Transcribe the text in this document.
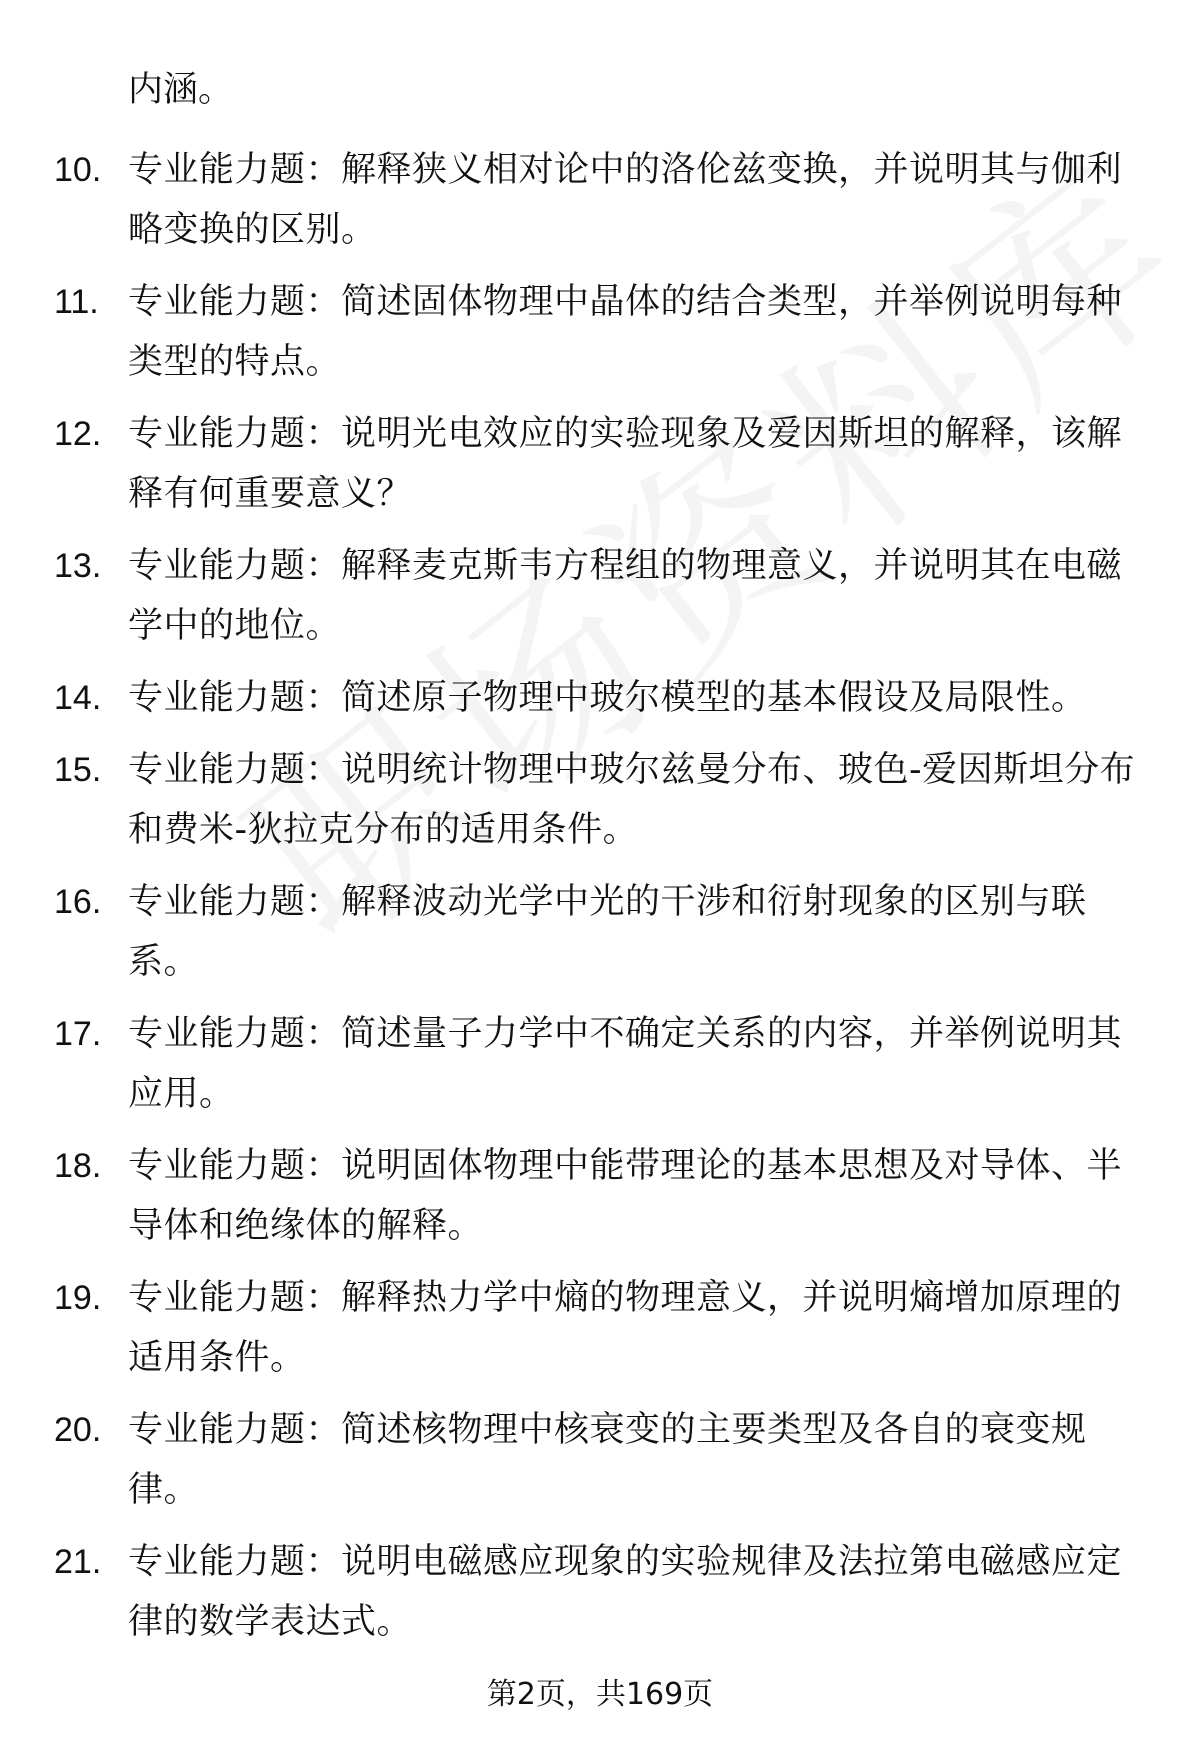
内涵。

10. 专业能力题：解释狭义相对论中的洛伦兹变换，并说明其与伽利略变换的区别。

11. 专业能力题：简述固体物理中晶体的结合类型，并举例说明每种类型的特点。

12. 专业能力题：说明光电效应的实验现象及爱因斯坦的解释，该解释有何重要意义？

13. 专业能力题：解释麦克斯韦方程组的物理意义，并说明其在电磁学中的地位。

14. 专业能力题：简述原子物理中玻尔模型的基本假设及局限性。

15. 专业能力题：说明统计物理中玻尔兹曼分布、玻色-爱因斯坦分布和费米-狄拉克分布的适用条件。

16. 专业能力题：解释波动光学中光的干涉和衍射现象的区别与联系。

17. 专业能力题：简述量子力学中不确定关系的内容，并举例说明其应用。

18. 专业能力题：说明固体物理中能带理论的基本思想及对导体、半导体和绝缘体的解释。

19. 专业能力题：解释热力学中熵的物理意义，并说明熵增加原理的适用条件。

20. 专业能力题：简述核物理中核衰变的主要类型及各自的衰变规律。

21. 专业能力题：说明电磁感应现象的实验规律及法拉第电磁感应定律的数学表达式。

第2页，共169页
